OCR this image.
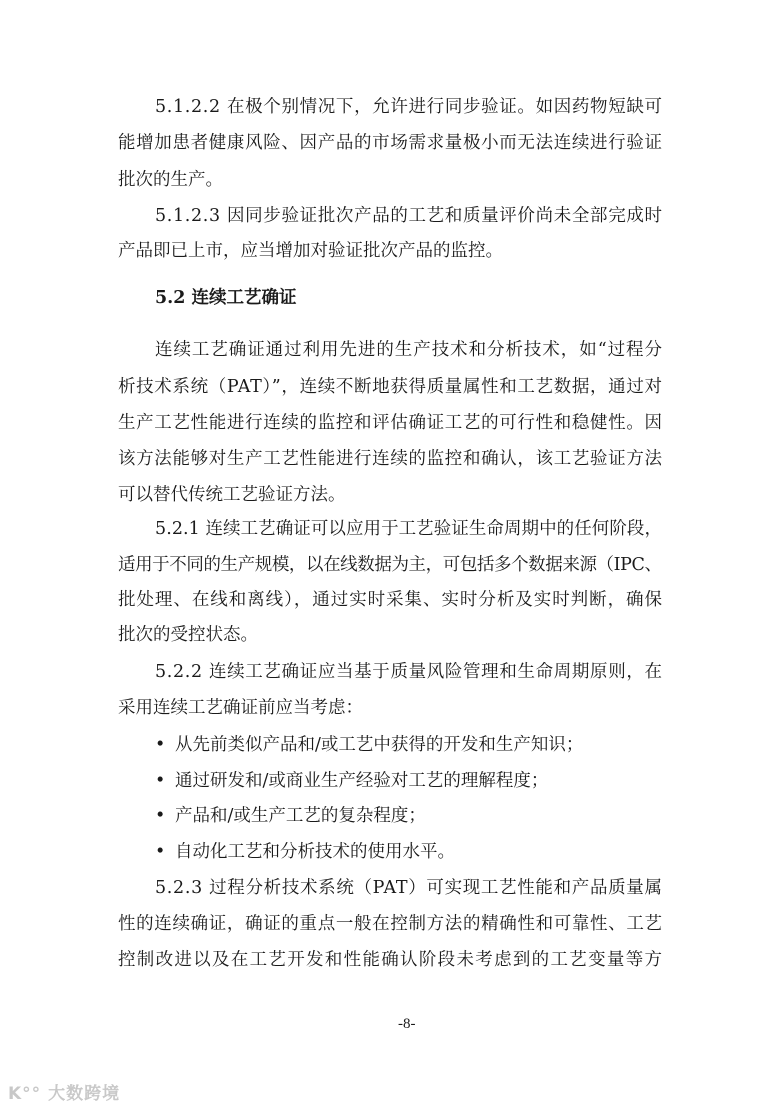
5.1.2.2 在极个别情况下，允许进行同步验证。如因药物短缺可
能增加患者健康风险、因产品的市场需求量极小而无法连续进行验证
批次的生产。
5.1.2.3 因同步验证批次产品的工艺和质量评价尚未全部完成时
产品即已上市，应当增加对验证批次产品的监控。
5.2 连续工艺确证
连续工艺确证通过利用先进的生产技术和分析技术，如“过程分
析技术系统（PAT）”，连续不断地获得质量属性和工艺数据，通过对
生产工艺性能进行连续的监控和评估确证工艺的可行性和稳健性。因
该方法能够对生产工艺性能进行连续的监控和确认，该工艺验证方法
可以替代传统工艺验证方法。
5.2.1 连续工艺确证可以应用于工艺验证生命周期中的任何阶段，
适用于不同的生产规模，以在线数据为主，可包括多个数据来源（IPC、
批处理、在线和离线），通过实时采集、实时分析及实时判断，确保
批次的受控状态。
5.2.2 连续工艺确证应当基于质量风险管理和生命周期原则，在
采用连续工艺确证前应当考虑：
• 从先前类似产品和/或工艺中获得的开发和生产知识；
• 通过研发和/或商业生产经验对工艺的理解程度；
• 产品和/或生产工艺的复杂程度；
• 自动化工艺和分析技术的使用水平。
5.2.3 过程分析技术系统（PAT）可实现工艺性能和产品质量属
性的连续确证，确证的重点一般在控制方法的精确性和可靠性、工艺
控制改进以及在工艺开发和性能确认阶段未考虑到的工艺变量等方
-8-
K°° 大数跨境
